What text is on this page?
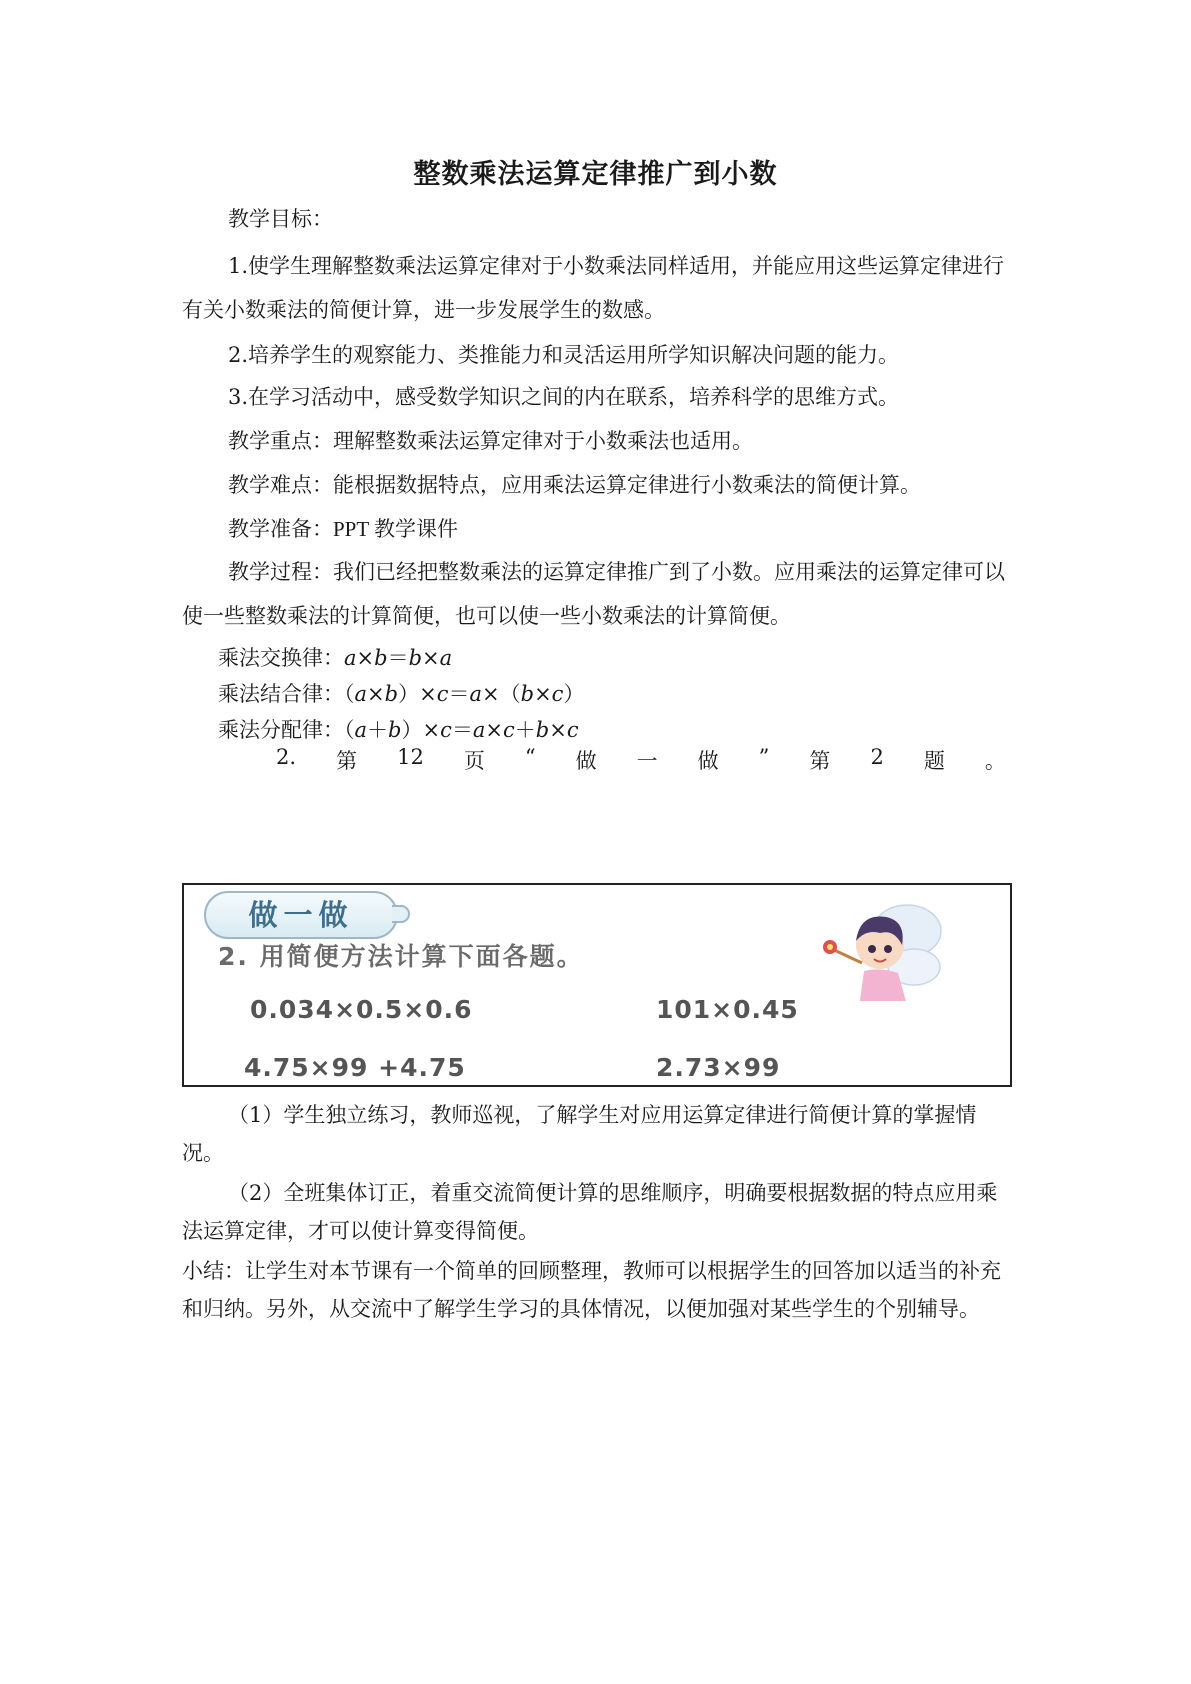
整数乘法运算定律推广到小数
教学目标：
1.使学生理解整数乘法运算定律对于小数乘法同样适用，并能应用这些运算定律进行有关小数乘法的简便计算，进一步发展学生的数感。
2.培养学生的观察能力、类推能力和灵活运用所学知识解决问题的能力。
3.在学习活动中，感受数学知识之间的内在联系，培养科学的思维方式。
教学重点：理解整数乘法运算定律对于小数乘法也适用。
教学难点：能根据数据特点，应用乘法运算定律进行小数乘法的简便计算。
教学准备：PPT 教学课件
教学过程：我们已经把整数乘法的运算定律推广到了小数。应用乘法的运算定律可以使一些整数乘法的计算简便，也可以使一些小数乘法的计算简便。
乘法交换律：a×b＝b×a
乘法结合律：（a×b）×c＝a×（b×c）
乘法分配律：（a＋b）×c＝a×c＋b×c
2. 第 12 页 “ 做 一 做 ” 第 2 题 。
做一做
2. 用简便方法计算下面各题。
0.034×0.5×0.6	101×0.45
4.75×99 +4.75	2.73×99
（1）学生独立练习，教师巡视，了解学生对应用运算定律进行简便计算的掌握情况。
（2）全班集体订正，着重交流简便计算的思维顺序，明确要根据数据的特点应用乘法运算定律，才可以使计算变得简便。
小结：让学生对本节课有一个简单的回顾整理，教师可以根据学生的回答加以适当的补充和归纳。另外，从交流中了解学生学习的具体情况，以便加强对某些学生的个别辅导。
